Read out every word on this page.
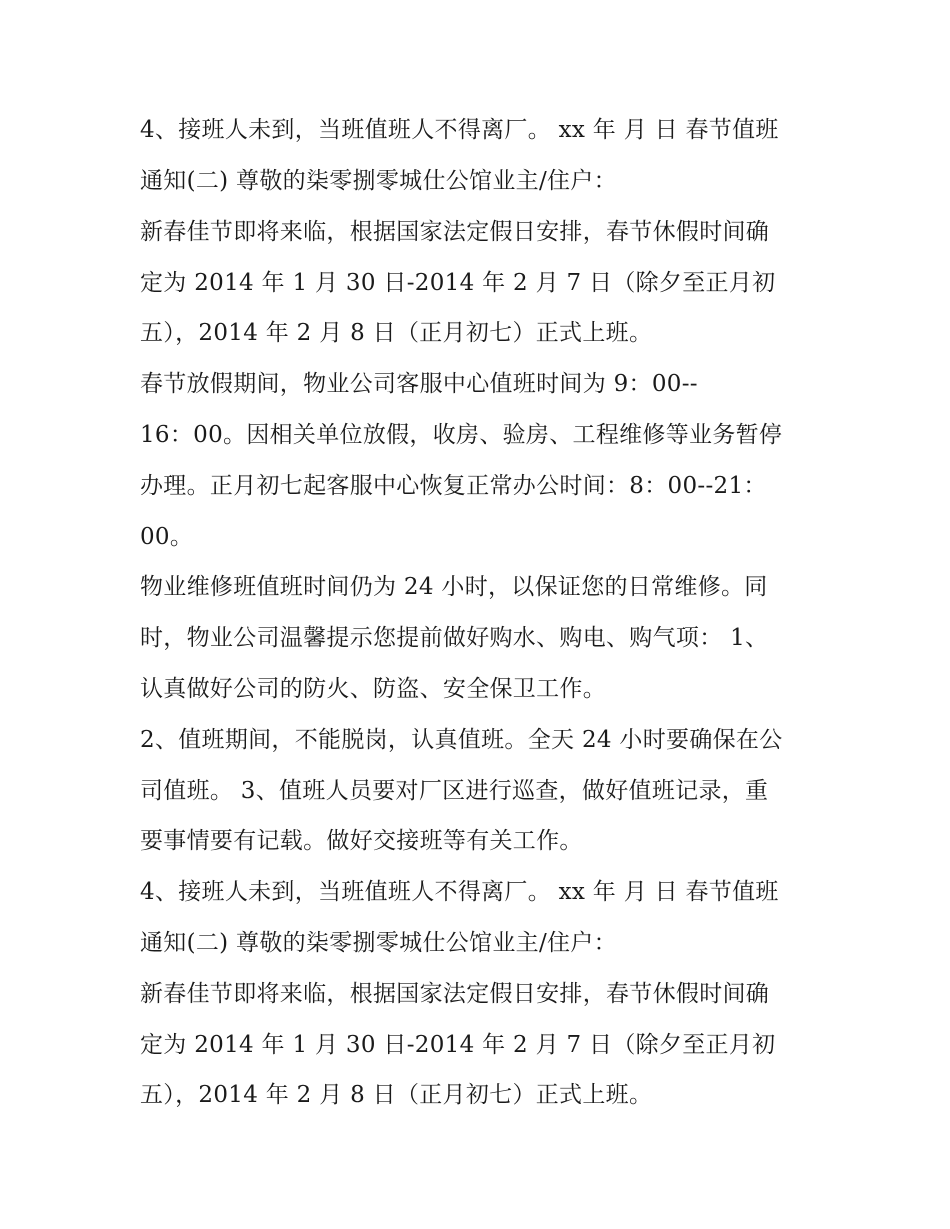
4、接班人未到，当班值班人不得离厂。 xx 年 月 日 春节值班

通知(二) 尊敬的柒零捌零城仕公馆业主/住户：

新春佳节即将来临，根据国家法定假日安排，春节休假时间确

定为 2014 年 1 月 30 日-2014 年 2 月 7 日（除夕至正月初

五），2014 年 2 月 8 日（正月初七）正式上班。

春节放假期间，物业公司客服中心值班时间为 9：00--

16：00。因相关单位放假，收房、验房、工程维修等业务暂停

办理。正月初七起客服中心恢复正常办公时间：8：00--21：

00。

物业维修班值班时间仍为 24 小时，以保证您的日常维修。同

时，物业公司温馨提示您提前做好购水、购电、购气项： 1、

认真做好公司的防火、防盗、安全保卫工作。

2、值班期间，不能脱岗，认真值班。全天 24 小时要确保在公

司值班。 3、值班人员要对厂区进行巡查，做好值班记录，重

要事情要有记载。做好交接班等有关工作。

4、接班人未到，当班值班人不得离厂。 xx 年 月 日 春节值班

通知(二) 尊敬的柒零捌零城仕公馆业主/住户：

新春佳节即将来临，根据国家法定假日安排，春节休假时间确

定为 2014 年 1 月 30 日-2014 年 2 月 7 日（除夕至正月初

五），2014 年 2 月 8 日（正月初七）正式上班。
